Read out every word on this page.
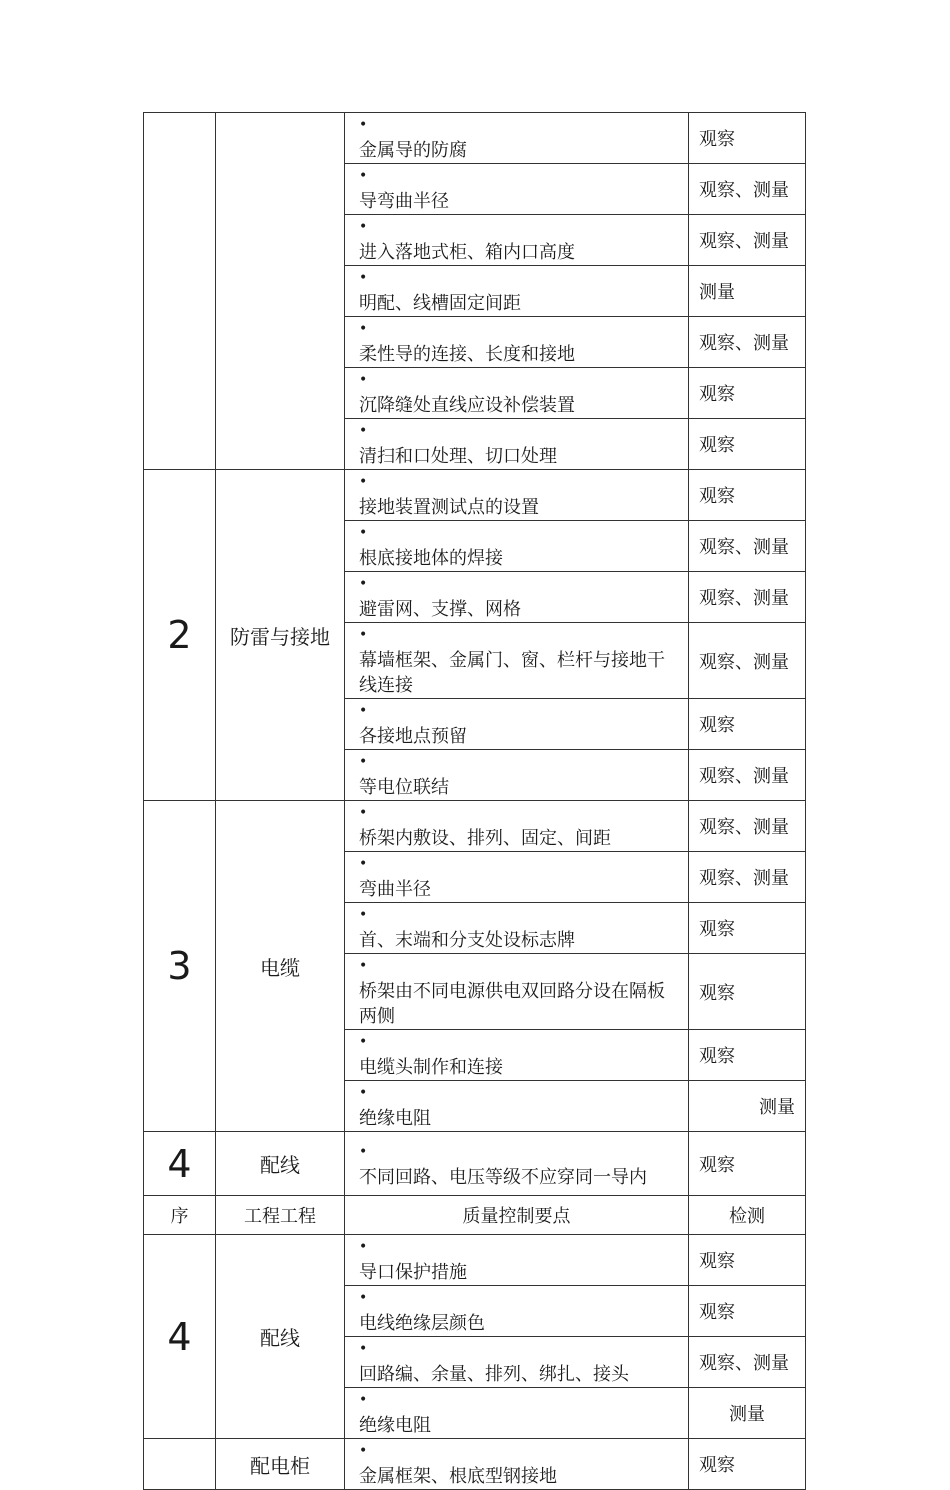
		•金属导的防腐	观察
		•导弯曲半径	观察、测量
		•进入落地式柜、箱内口高度	观察、测量
		•明配、线槽固定间距	测量
		•柔性导的连接、长度和接地	观察、测量
		•沉降缝处直线应设补偿装置	观察
		•清扫和口处理、切口处理	观察
2	防雷与接地	•接地装置测试点的设置	观察
		•根底接地体的焊接	观察、测量
		•避雷网、支撑、网格	观察、测量
		•幕墙框架、金属门、窗、栏杆与接地干线连接	观察、测量
		•各接地点预留	观察
		•等电位联结	观察、测量
3	电缆	•桥架内敷设、排列、固定、间距	观察、测量
		•弯曲半径	观察、测量
		•首、末端和分支处设标志牌	观察
		•桥架由不同电源供电双回路分设在隔板两侧	观察
		•电缆头制作和连接	观察
		•绝缘电阻	测量
4	配线	•不同回路、电压等级不应穿同一导内	观察
序	工程工程	质量控制要点	检测
4	配线	•导口保护措施	观察
		•电线绝缘层颜色	观察
		•回路编、余量、排列、绑扎、接头	观察、测量
		•绝缘电阻	测量
	配电柜	•金属框架、根底型钢接地	观察
